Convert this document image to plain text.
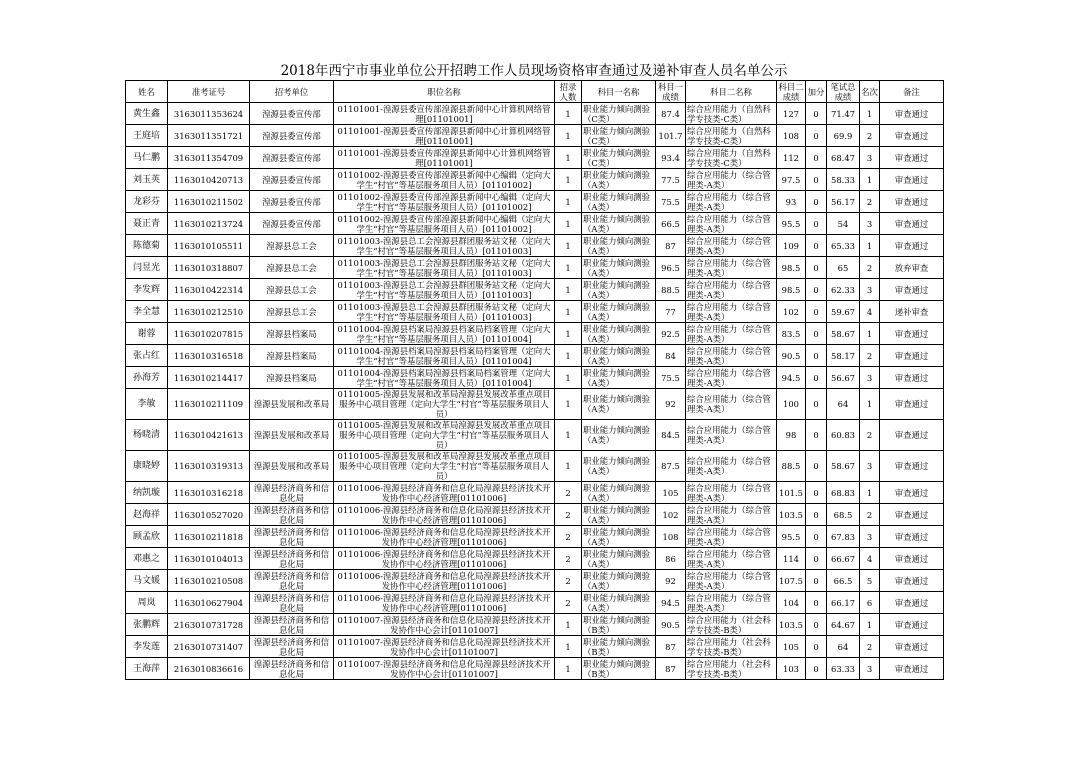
2018年西宁市事业单位公开招聘工作人员现场资格审查通过及递补审查人员名单公示
姓名	准考证号	招考单位	职位名称	招录人数	科目一名称	科目一成绩	科目二名称	科目二成绩	加分	笔试总成绩	名次	备注
黄生鑫	3163011353624	湟源县委宣传部	01101001-湟源县委宣传部湟源县新闻中心计算机网络管理[01101001]	1	职业能力倾向测验（C类）	87.4	综合应用能力（自然科学专技类-C类）	127	0	71.47	1	审查通过
王庭培	3163011351721	湟源县委宣传部	01101001-湟源县委宣传部湟源县新闻中心计算机网络管理[01101001]	1	职业能力倾向测验（C类）	101.7	综合应用能力（自然科学专技类-C类）	108	0	69.9	2	审查通过
马仁鹏	3163011354709	湟源县委宣传部	01101001-湟源县委宣传部湟源县新闻中心计算机网络管理[01101001]	1	职业能力倾向测验（C类）	93.4	综合应用能力（自然科学专技类-C类）	112	0	68.47	3	审查通过
刘玉英	1163010420713	湟源县委宣传部	01101002-湟源县委宣传部湟源县新闻中心编辑（定向大学生“村官”等基层服务项目人员）[01101002]	1	职业能力倾向测验（A类）	77.5	综合应用能力（综合管理类-A类）	97.5	0	58.33	1	审查通过
龙彩芬	1163010211502	湟源县委宣传部	01101002-湟源县委宣传部湟源县新闻中心编辑（定向大学生“村官”等基层服务项目人员）[01101002]	1	职业能力倾向测验（A类）	75.5	综合应用能力（综合管理类-A类）	93	0	56.17	2	审查通过
聂正青	1163010213724	湟源县委宣传部	01101002-湟源县委宣传部湟源县新闻中心编辑（定向大学生“村官”等基层服务项目人员）[01101002]	1	职业能力倾向测验（A类）	66.5	综合应用能力（综合管理类-A类）	95.5	0	54	3	审查通过
陈德菊	1163010105511	湟源县总工会	01101003-湟源县总工会湟源县群团服务站文秘（定向大学生“村官”等基层服务项目人员）[01101003]	1	职业能力倾向测验（A类）	87	综合应用能力（综合管理类-A类）	109	0	65.33	1	审查通过
闫昱光	1163010318807	湟源县总工会	01101003-湟源县总工会湟源县群团服务站文秘（定向大学生“村官”等基层服务项目人员）[01101003]	1	职业能力倾向测验（A类）	96.5	综合应用能力（综合管理类-A类）	98.5	0	65	2	放弃审查
李发辉	1163010422314	湟源县总工会	01101003-湟源县总工会湟源县群团服务站文秘（定向大学生“村官”等基层服务项目人员）[01101003]	1	职业能力倾向测验（A类）	88.5	综合应用能力（综合管理类-A类）	98.5	0	62.33	3	审查通过
李全慧	1163010212510	湟源县总工会	01101003-湟源县总工会湟源县群团服务站文秘（定向大学生“村官”等基层服务项目人员）[01101003]	1	职业能力倾向测验（A类）	77	综合应用能力（综合管理类-A类）	102	0	59.67	4	递补审查
谢蓉	1163010207815	湟源县档案局	01101004-湟源县档案局湟源县档案局档案管理（定向大学生“村官”等基层服务项目人员）[01101004]	1	职业能力倾向测验（A类）	92.5	综合应用能力（综合管理类-A类）	83.5	0	58.67	1	审查通过
张占红	1163010316518	湟源县档案局	01101004-湟源县档案局湟源县档案局档案管理（定向大学生“村官”等基层服务项目人员）[01101004]	1	职业能力倾向测验（A类）	84	综合应用能力（综合管理类-A类）	90.5	0	58.17	2	审查通过
孙海芳	1163010214417	湟源县档案局	01101004-湟源县档案局湟源县档案局档案管理（定向大学生“村官”等基层服务项目人员）[01101004]	1	职业能力倾向测验（A类）	75.5	综合应用能力（综合管理类-A类）	94.5	0	56.67	3	审查通过
李敏	1163010211109	湟源县发展和改革局	01101005-湟源县发展和改革局湟源县发展改革重点项目服务中心项目管理（定向大学生“村官”等基层服务项目人员）	1	职业能力倾向测验（A类）	92	综合应用能力（综合管理类-A类）	100	0	64	1	审查通过
杨晓清	1163010421613	湟源县发展和改革局	01101005-湟源县发展和改革局湟源县发展改革重点项目服务中心项目管理（定向大学生“村官”等基层服务项目人员）	1	职业能力倾向测验（A类）	84.5	综合应用能力（综合管理类-A类）	98	0	60.83	2	审查通过
康晓婷	1163010319313	湟源县发展和改革局	01101005-湟源县发展和改革局湟源县发展改革重点项目服务中心项目管理（定向大学生“村官”等基层服务项目人员）	1	职业能力倾向测验（A类）	87.5	综合应用能力（综合管理类-A类）	88.5	0	58.67	3	审查通过
纳凯璇	1163010316218	湟源县经济商务和信息化局	01101006-湟源县经济商务和信息化局湟源县经济技术开发协作中心经济管理[01101006]	2	职业能力倾向测验（A类）	105	综合应用能力（综合管理类-A类）	101.5	0	68.83	1	审查通过
赵海祥	1163010527020	湟源县经济商务和信息化局	01101006-湟源县经济商务和信息化局湟源县经济技术开发协作中心经济管理[01101006]	2	职业能力倾向测验（A类）	102	综合应用能力（综合管理类-A类）	103.5	0	68.5	2	审查通过
顾孟欣	1163010211818	湟源县经济商务和信息化局	01101006-湟源县经济商务和信息化局湟源县经济技术开发协作中心经济管理[01101006]	2	职业能力倾向测验（A类）	108	综合应用能力（综合管理类-A类）	95.5	0	67.83	3	审查通过
邓惠之	1163010104013	湟源县经济商务和信息化局	01101006-湟源县经济商务和信息化局湟源县经济技术开发协作中心经济管理[01101006]	2	职业能力倾向测验（A类）	86	综合应用能力（综合管理类-A类）	114	0	66.67	4	审查通过
马文媛	1163010210508	湟源县经济商务和信息化局	01101006-湟源县经济商务和信息化局湟源县经济技术开发协作中心经济管理[01101006]	2	职业能力倾向测验（A类）	92	综合应用能力（综合管理类-A类）	107.5	0	66.5	5	审查通过
周岚	1163010627904	湟源县经济商务和信息化局	01101006-湟源县经济商务和信息化局湟源县经济技术开发协作中心经济管理[01101006]	2	职业能力倾向测验（A类）	94.5	综合应用能力（综合管理类-A类）	104	0	66.17	6	审查通过
张鹏辉	2163010731728	湟源县经济商务和信息化局	01101007-湟源县经济商务和信息化局湟源县经济技术开发协作中心会计[01101007]	1	职业能力倾向测验（B类）	90.5	综合应用能力（社会科学专技类-B类）	103.5	0	64.67	1	审查通过
李发莲	2163010731407	湟源县经济商务和信息化局	01101007-湟源县经济商务和信息化局湟源县经济技术开发协作中心会计[01101007]	1	职业能力倾向测验（B类）	87	综合应用能力（社会科学专技类-B类）	105	0	64	2	审查通过
王海萍	2163010836616	湟源县经济商务和信息化局	01101007-湟源县经济商务和信息化局湟源县经济技术开发协作中心会计[01101007]	1	职业能力倾向测验（B类）	87	综合应用能力（社会科学专技类-B类）	103	0	63.33	3	审查通过
